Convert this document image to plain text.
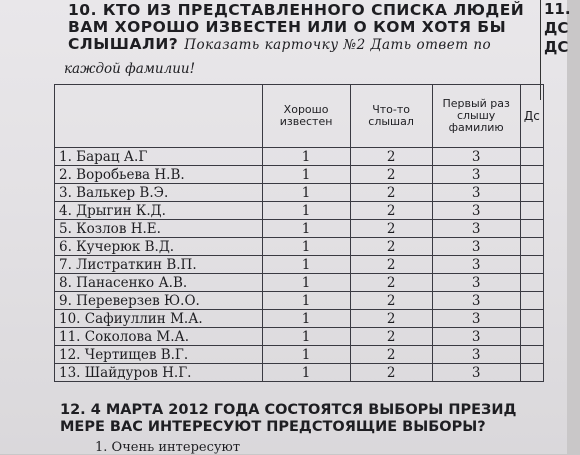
10. КТО ИЗ ПРЕДСТАВЛЕННОГО СПИСКА ЛЮДЕЙ
ВАМ ХОРОШО ИЗВЕСТЕН ИЛИ О КОМ ХОТЯ БЫ
СЛЫШАЛИ? Показать карточку №2 Дать ответ по
каждой фамилии!
11.
ДС
ДС
	Хорошо известен	Что-то слышал	Первый раз слышу фамилию	Дс
1. Барац А.Г	1	2	3	
2. Воробьева Н.В.	1	2	3	
3. Валькер В.Э.	1	2	3	
4. Дрыгин К.Д.	1	2	3	
5. Козлов Н.Е.	1	2	3	
6. Кучерюк В.Д.	1	2	3	
7. Листраткин В.П.	1	2	3	
8. Панасенко А.В.	1	2	3	
9. Переверзев Ю.О.	1	2	3	
10. Сафиуллин М.А.	1	2	3	
11. Соколова М.А.	1	2	3	
12. Чертищев В.Г.	1	2	3	
13. Шайдуров Н.Г.	1	2	3	
12. 4 МАРТА 2012 ГОДА СОСТОЯТСЯ ВЫБОРЫ ПРЕЗИД
МЕРЕ ВАС ИНТЕРЕСУЮТ ПРЕДСТОЯЩИЕ ВЫБОРЫ?
1. Очень интересуют
